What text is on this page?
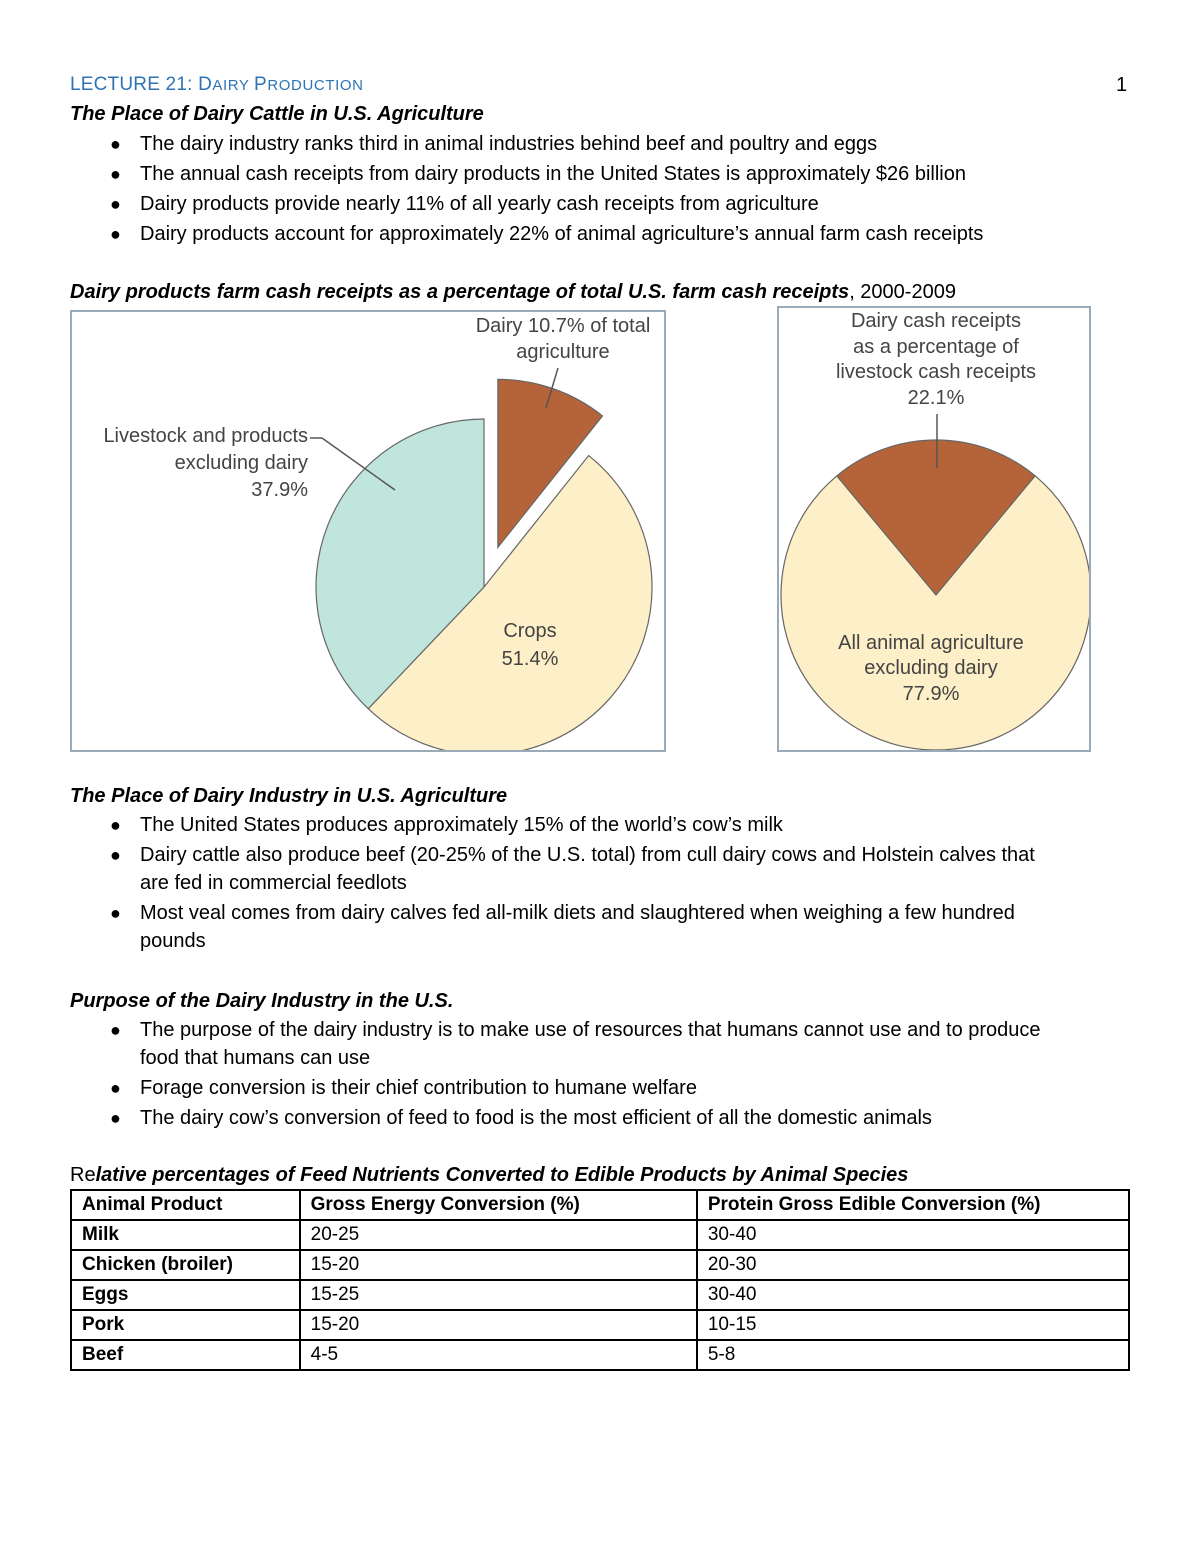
LECTURE 21: DAIRY PRODUCTION	1
The Place of Dairy Cattle in U.S. Agriculture
● The dairy industry ranks third in animal industries behind beef and poultry and eggs
● The annual cash receipts from dairy products in the United States is approximately $26 billion
● Dairy products provide nearly 11% of all yearly cash receipts from agriculture
● Dairy products account for approximately 22% of animal agriculture’s annual farm cash receipts
Dairy products farm cash receipts as a percentage of total U.S. farm cash receipts, 2000-2009
Dairy 10.7% of total
agriculture
Livestock and products
excluding dairy
37.9%
Crops
51.4%
Dairy cash receipts
as a percentage of
livestock cash receipts
22.1%
All animal agriculture
excluding dairy
77.9%
The Place of Dairy Industry in U.S. Agriculture
● The United States produces approximately 15% of the world’s cow’s milk
● Dairy cattle also produce beef (20-25% of the U.S. total) from cull dairy cows and Holstein calves that
are fed in commercial feedlots
● Most veal comes from dairy calves fed all-milk diets and slaughtered when weighing a few hundred
pounds
Purpose of the Dairy Industry in the U.S.
● The purpose of the dairy industry is to make use of resources that humans cannot use and to produce
food that humans can use
● Forage conversion is their chief contribution to humane welfare
● The dairy cow’s conversion of feed to food is the most efficient of all the domestic animals
Relative percentages of Feed Nutrients Converted to Edible Products by Animal Species
Animal Product	Gross Energy Conversion (%)	Protein Gross Edible Conversion (%)
Milk	20-25	30-40
Chicken (broiler)	15-20	20-30
Eggs	15-25	30-40
Pork	15-20	10-15
Beef	4-5	5-8
